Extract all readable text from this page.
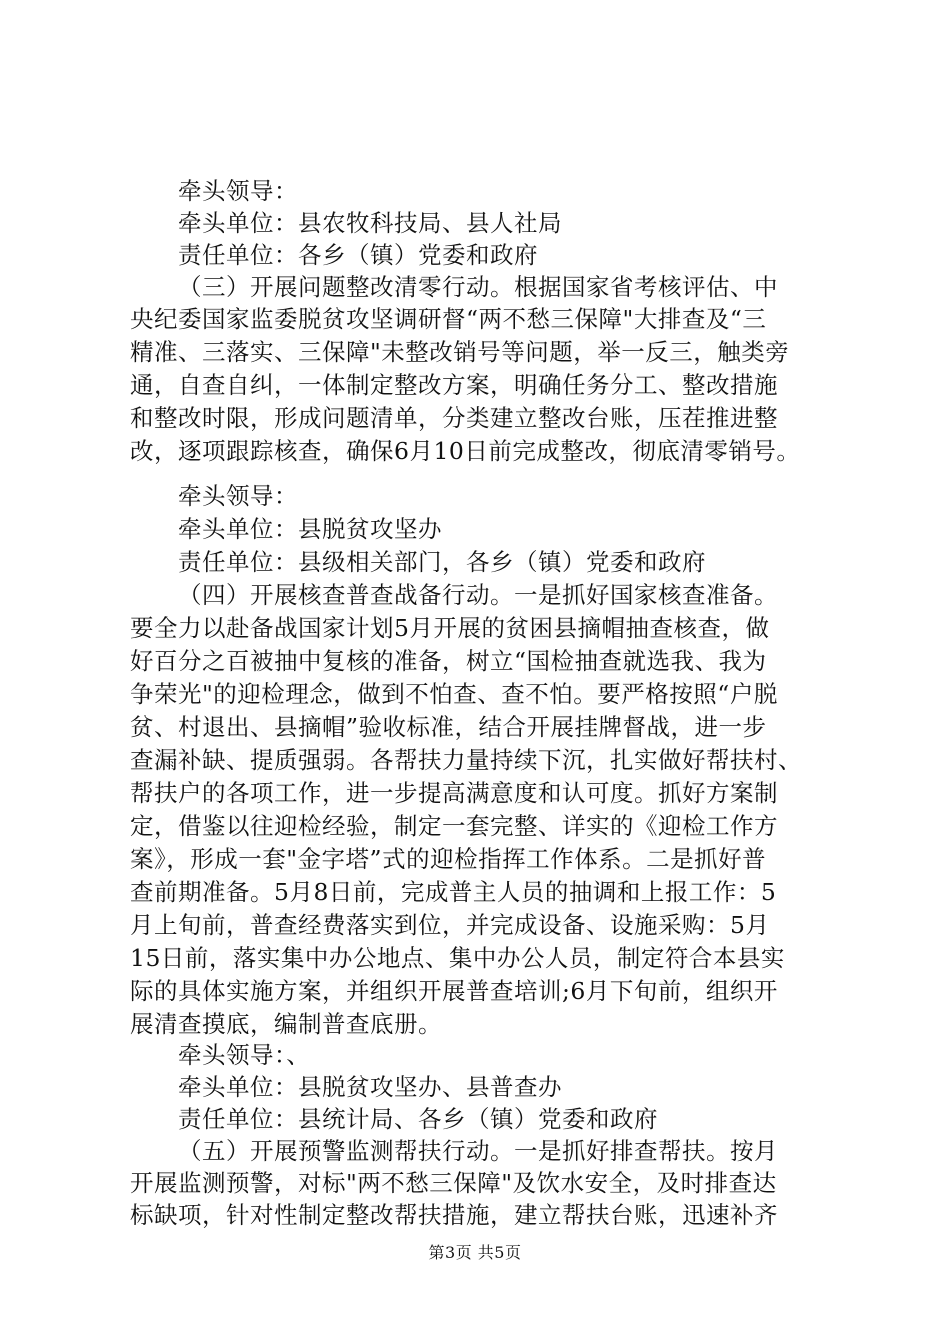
牵头领导：
牵头单位：县农牧科技局、县人社局
责任单位：各乡（镇）党委和政府
（三）开展问题整改清零行动。根据国家省考核评估、中
央纪委国家监委脱贫攻坚调研督“两不愁三保障"大排查及“三
精准、三落实、三保障"未整改销号等问题，举一反三，触类旁
通，自查自纠，一体制定整改方案，明确任务分工、整改措施
和整改时限，形成问题清单，分类建立整改台账，压茬推进整
改，逐项跟踪核查，确保6月10日前完成整改，彻底清零销号。
牵头领导：
牵头单位：县脱贫攻坚办
责任单位：县级相关部门，各乡（镇）党委和政府
（四）开展核查普查战备行动。一是抓好国家核查准备。
要全力以赴备战国家计划5月开展的贫困县摘帽抽查核查，做
好百分之百被抽中复核的准备，树立“国检抽查就选我、我为
争荣光"的迎检理念，做到不怕查、查不怕。要严格按照“户脱
贫、村退出、县摘帽”验收标准，结合开展挂牌督战，进一步
查漏补缺、提质强弱。各帮扶力量持续下沉，扎实做好帮扶村、
帮扶户的各项工作，进一步提高满意度和认可度。抓好方案制
定，借鉴以往迎检经验，制定一套完整、详实的《迎检工作方
案》，形成一套"金字塔”式的迎检指挥工作体系。二是抓好普
查前期准备。5月8日前，完成普主人员的抽调和上报工作：5
月上旬前，普查经费落实到位，并完成设备、设施采购：5月
15日前，落实集中办公地点、集中办公人员，制定符合本县实
际的具体实施方案，并组织开展普查培训;6月下旬前，组织开
展清查摸底，编制普查底册。
牵头领导：、
牵头单位：县脱贫攻坚办、县普查办
责任单位：县统计局、各乡（镇）党委和政府
（五）开展预警监测帮扶行动。一是抓好排查帮扶。按月
开展监测预警，对标"两不愁三保障"及饮水安全，及时排查达
标缺项，针对性制定整改帮扶措施，建立帮扶台账，迅速补齐
第3页 共5页
